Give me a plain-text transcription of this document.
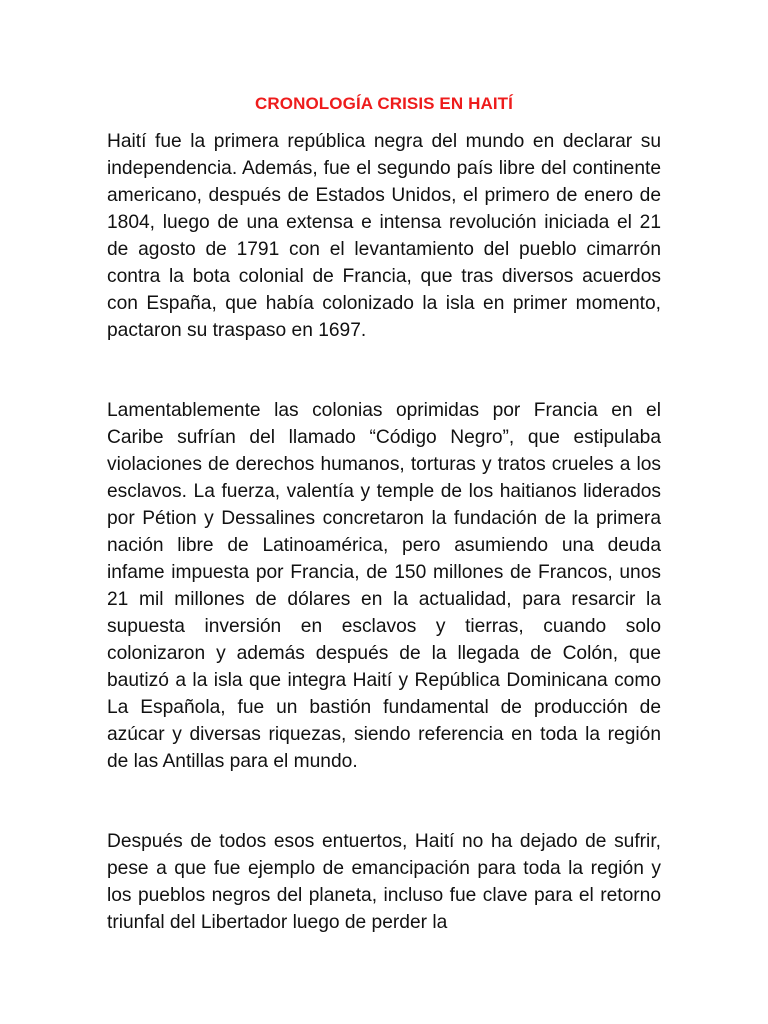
CRONOLOGÍA CRISIS EN HAITÍ

Haití fue la primera república negra del mundo en declarar su independencia. Además, fue el segundo país libre del continente americano, después de Estados Unidos, el primero de enero de 1804, luego de una extensa e intensa revolución iniciada el 21 de agosto de 1791 con el levantamiento del pueblo cimarrón contra la bota colonial de Francia, que tras diversos acuerdos con España, que había colonizado la isla en primer momento, pactaron su traspaso en 1697.

Lamentablemente las colonias oprimidas por Francia en el Caribe sufrían del llamado “Código Negro”, que estipulaba violaciones de derechos humanos, torturas y tratos crueles a los esclavos. La fuerza, valentía y temple de los haitianos liderados por Pétion y Dessalines concretaron la fundación de la primera nación libre de Latinoamérica, pero asumiendo una deuda infame impuesta por Francia, de 150 millones de Francos, unos 21 mil millones de dólares en la actualidad, para resarcir la supuesta inversión en esclavos y tierras, cuando solo colonizaron y además después de la llegada de Colón, que bautizó a la isla que integra Haití y República Dominicana como La Española, fue un bastión fundamental de producción de azúcar y diversas riquezas, siendo referencia en toda la región de las Antillas para el mundo.

Después de todos esos entuertos, Haití no ha dejado de sufrir, pese a que fue ejemplo de emancipación para toda la región y los pueblos negros del planeta, incluso fue clave para el retorno triunfal del Libertador luego de perder la
